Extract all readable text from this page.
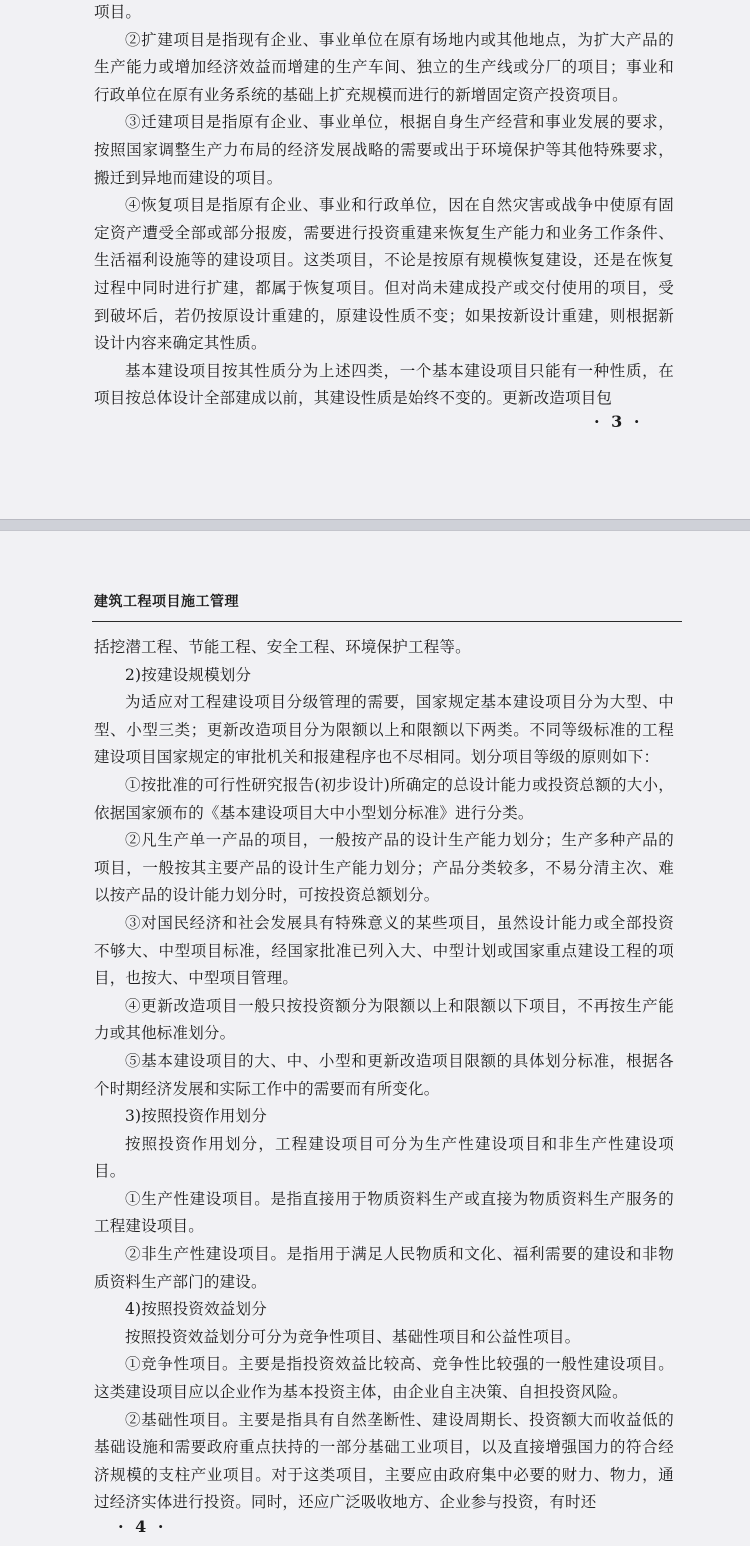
项目。

②扩建项目是指现有企业、事业单位在原有场地内或其他地点，为扩大产品的生产能力或增加经济效益而增建的生产车间、独立的生产线或分厂的项目；事业和行政单位在原有业务系统的基础上扩充规模而进行的新增固定资产投资项目。

③迁建项目是指原有企业、事业单位，根据自身生产经营和事业发展的要求，按照国家调整生产力布局的经济发展战略的需要或出于环境保护等其他特殊要求，搬迁到异地而建设的项目。

④恢复项目是指原有企业、事业和行政单位，因在自然灾害或战争中使原有固定资产遭受全部或部分报废，需要进行投资重建来恢复生产能力和业务工作条件、生活福利设施等的建设项目。这类项目，不论是按原有规模恢复建设，还是在恢复过程中同时进行扩建，都属于恢复项目。但对尚未建成投产或交付使用的项目，受到破坏后，若仍按原设计重建的，原建设性质不变；如果按新设计重建，则根据新设计内容来确定其性质。

基本建设项目按其性质分为上述四类，一个基本建设项目只能有一种性质，在项目按总体设计全部建成以前，其建设性质是始终不变的。更新改造项目包

· 3 ·
建筑工程项目施工管理

括挖潜工程、节能工程、安全工程、环境保护工程等。

2)按建设规模划分

为适应对工程建设项目分级管理的需要，国家规定基本建设项目分为大型、中型、小型三类；更新改造项目分为限额以上和限额以下两类。不同等级标准的工程建设项目国家规定的审批机关和报建程序也不尽相同。划分项目等级的原则如下：

①按批准的可行性研究报告(初步设计)所确定的总设计能力或投资总额的大小，依据国家颁布的《基本建设项目大中小型划分标准》进行分类。

②凡生产单一产品的项目，一般按产品的设计生产能力划分；生产多种产品的项目，一般按其主要产品的设计生产能力划分；产品分类较多，不易分清主次、难以按产品的设计能力划分时，可按投资总额划分。

③对国民经济和社会发展具有特殊意义的某些项目，虽然设计能力或全部投资不够大、中型项目标准，经国家批准已列入大、中型计划或国家重点建设工程的项目，也按大、中型项目管理。

④更新改造项目一般只按投资额分为限额以上和限额以下项目，不再按生产能力或其他标准划分。

⑤基本建设项目的大、中、小型和更新改造项目限额的具体划分标准，根据各个时期经济发展和实际工作中的需要而有所变化。

3)按照投资作用划分

按照投资作用划分，工程建设项目可分为生产性建设项目和非生产性建设项目。

①生产性建设项目。是指直接用于物质资料生产或直接为物质资料生产服务的工程建设项目。

②非生产性建设项目。是指用于满足人民物质和文化、福利需要的建设和非物质资料生产部门的建设。

4)按照投资效益划分

按照投资效益划分可分为竞争性项目、基础性项目和公益性项目。

①竞争性项目。主要是指投资效益比较高、竞争性比较强的一般性建设项目。这类建设项目应以企业作为基本投资主体，由企业自主决策、自担投资风险。

②基础性项目。主要是指具有自然垄断性、建设周期长、投资额大而收益低的基础设施和需要政府重点扶持的一部分基础工业项目，以及直接增强国力的符合经济规模的支柱产业项目。对于这类项目，主要应由政府集中必要的财力、物力，通过经济实体进行投资。同时，还应广泛吸收地方、企业参与投资，有时还

· 4 ·
